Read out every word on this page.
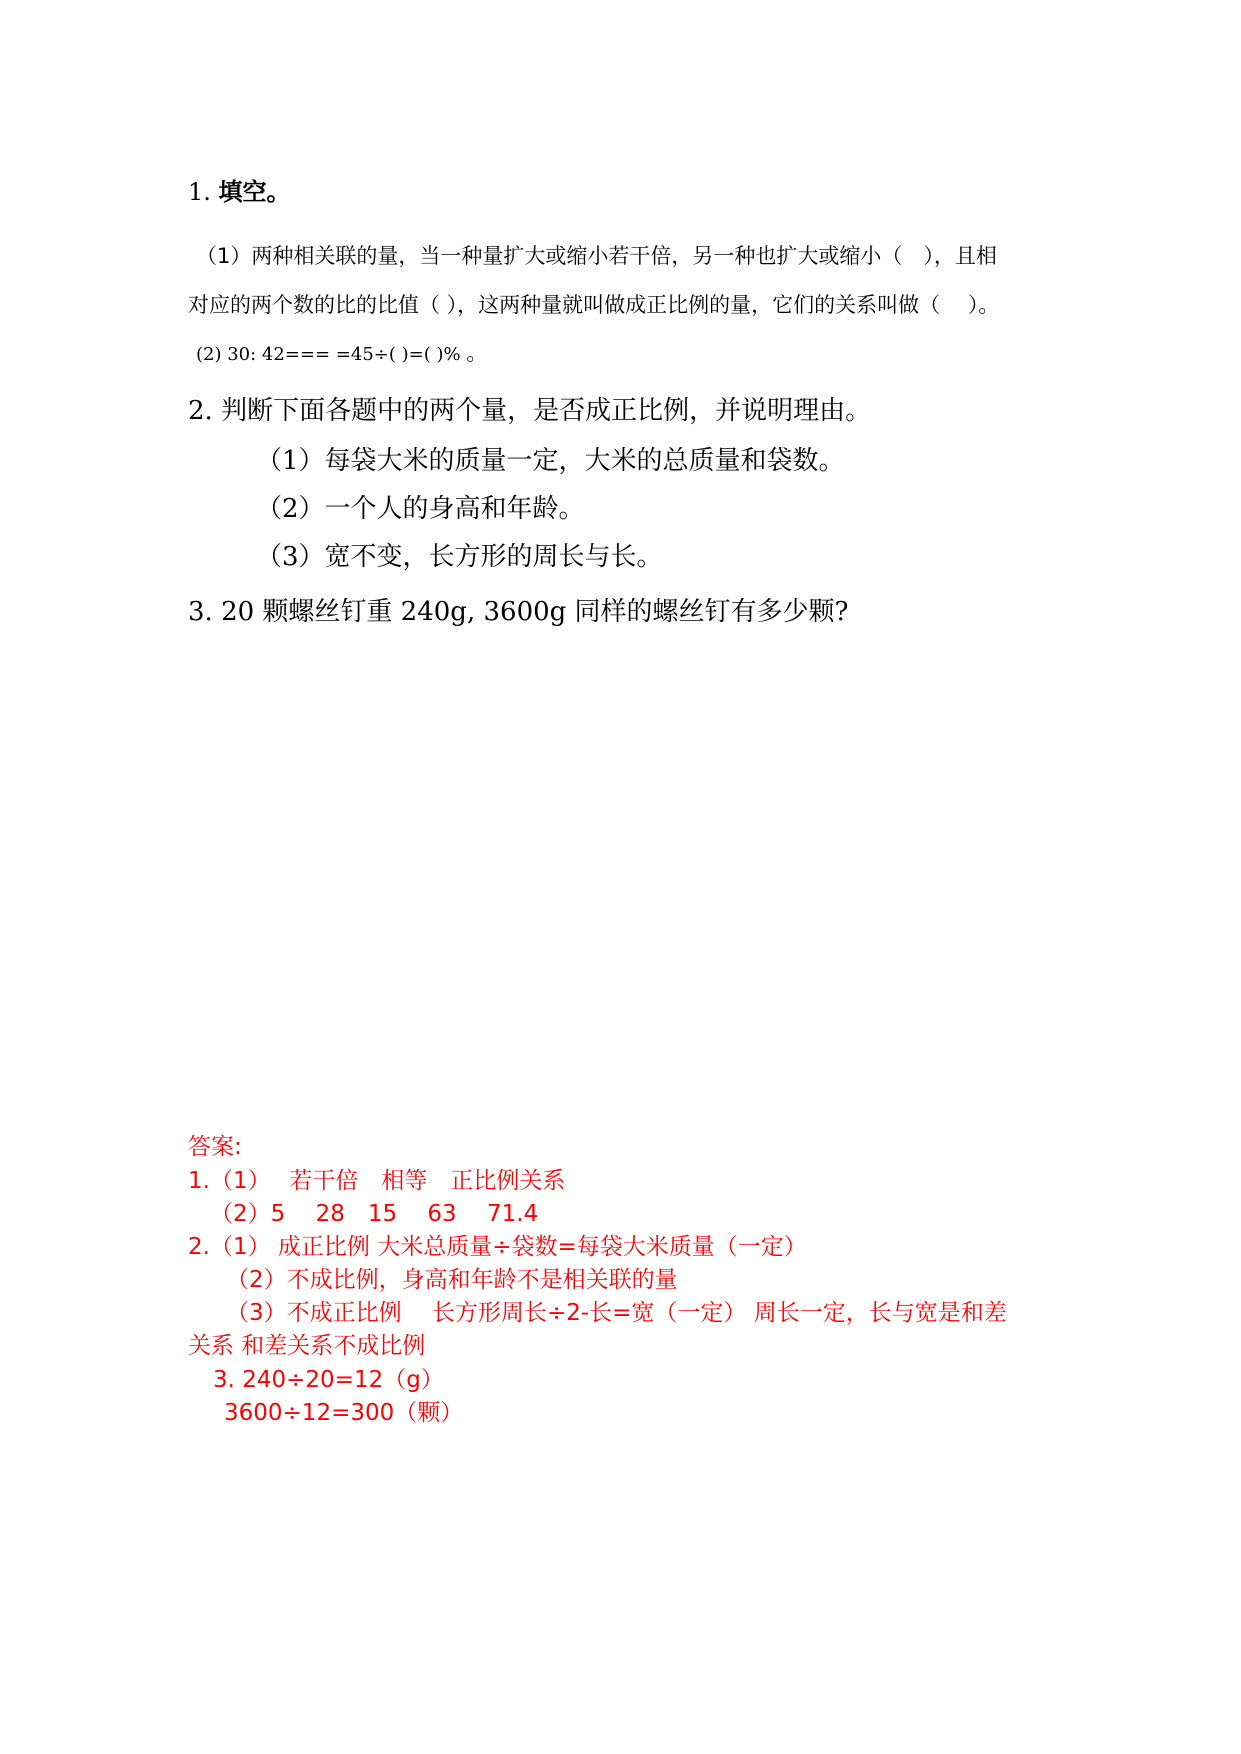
1. 填空。
（1）两种相关联的量，当一种量扩大或缩小若干倍，另一种也扩大或缩小（　），且相
对应的两个数的比的比值（ ），这两种量就叫做成正比例的量，它们的关系叫做（　 ）。
(2) 30: 42=== =45÷( )=( )% 。
2. 判断下面各题中的两个量，是否成正比例，并说明理由。
（1）每袋大米的质量一定，大米的总质量和袋数。
（2）一个人的身高和年龄。
（3）宽不变，长方形的周长与长。
3. 20 颗螺丝钉重 240g, 3600g 同样的螺丝钉有多少颗?
答案:
1.（1）　 若干倍　相等　正比例关系
（2）5　 28　15　 63　 71.4
2.（1） 成正比例 大米总质量÷袋数=每袋大米质量（一定）
（2）不成比例，身高和年龄不是相关联的量
（3）不成正比例　 长方形周长÷2-长=宽（一定） 周长一定，长与宽是和差
关系 和差关系不成比例
3. 240÷20=12（g）
3600÷12=300（颗）
